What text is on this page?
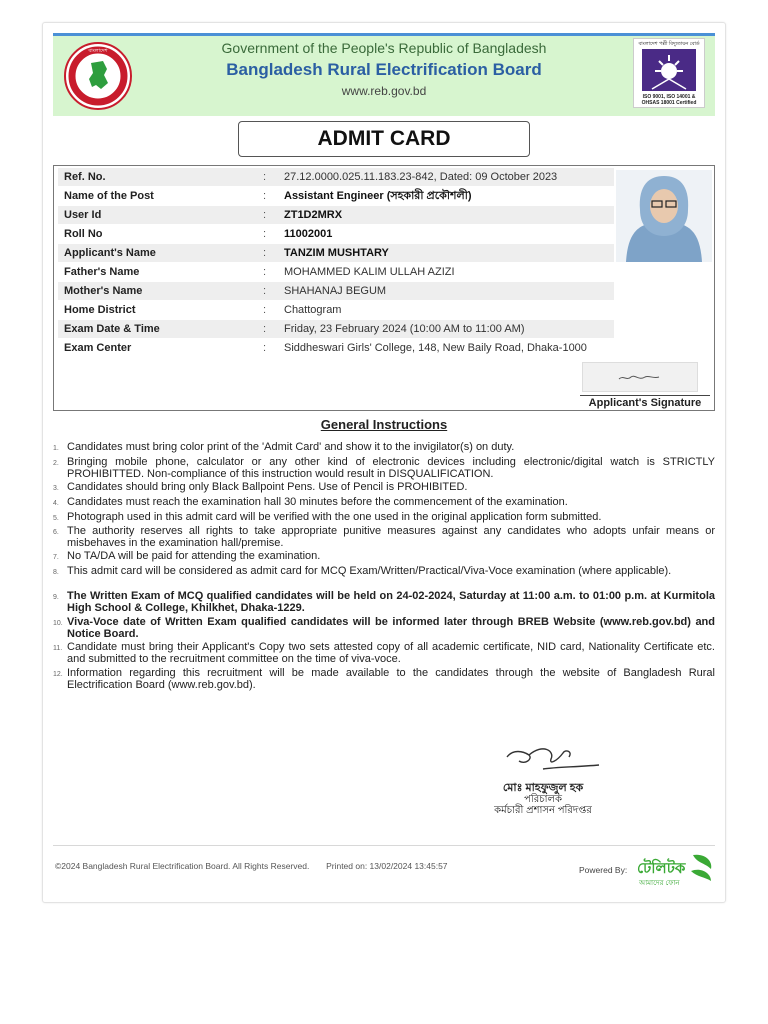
বাংলাদেশ	Government of the People's Republic of Bangladesh
Bangladesh Rural Electrification Board
www.reb.gov.bd
বাংলাদেশ পল্লী বিদ্যুতায়ন বোর্ড
ISO 9001, ISO 14001 & OHSAS 18001 Certified
ADMIT CARD
Ref. No.	: 27.12.0000.025.11.183.23-842, Dated: 09 October 2023
Name of the Post	: Assistant Engineer (সহকারী প্রকৌশলী)
User Id	: ZT1D2MRX
Roll No	: 11002001
Applicant's Name	: TANZIM MUSHTARY
Father's Name	: MOHAMMED KALIM ULLAH AZIZI
Mother's Name	: SHAHANAJ BEGUM
Home District	: Chattogram
Exam Date & Time	: Friday, 23 February 2024 (10:00 AM to 11:00 AM)
Exam Center	: Siddheswari Girls' College, 148, New Baily Road, Dhaka-1000
Applicant's Signature
General Instructions
1. Candidates must bring color print of the 'Admit Card' and show it to the invigilator(s) on duty.
2. Bringing mobile phone, calculator or any other kind of electronic devices including electronic/digital watch is STRICTLY PROHIBITTED. Non-compliance of this instruction would result in DISQUALIFICATION.
3. Candidates should bring only Black Ballpoint Pens. Use of Pencil is PROHIBITED.
4. Candidates must reach the examination hall 30 minutes before the commencement of the examination.
5. Photograph used in this admit card will be verified with the one used in the original application form submitted.
6. The authority reserves all rights to take appropriate punitive measures against any candidates who adopts unfair means or misbehaves in the examination hall/premise.
7. No TA/DA will be paid for attending the examination.
8. This admit card will be considered as admit card for MCQ Exam/Written/Practical/Viva-Voce examination (where applicable).
9. The Written Exam of MCQ qualified candidates will be held on 24-02-2024, Saturday at 11:00 a.m. to 01:00 p.m. at Kurmitola High School & College, Khilkhet, Dhaka-1229.
10. Viva-Voce date of Written Exam qualified candidates will be informed later through BREB Website (www.reb.gov.bd) and Notice Board.
11. Candidate must bring their Applicant's Copy two sets attested copy of all academic certificate, NID card, Nationality Certificate etc. and submitted to the recruitment committee on the time of viva-voce.
12. Information regarding this recruitment will be made available to the candidates through the website of Bangladesh Rural Electrification Board (www.reb.gov.bd).
মোঃ মাহফুজুল হক
পরিচালক
কর্মচারী প্রশাসন পরিদপ্তর
©2024 Bangladesh Rural Electrification Board. All Rights Reserved. Printed on: 13/02/2024 13:45:57	Powered By: টেলিটক
আমাদের ফোন
